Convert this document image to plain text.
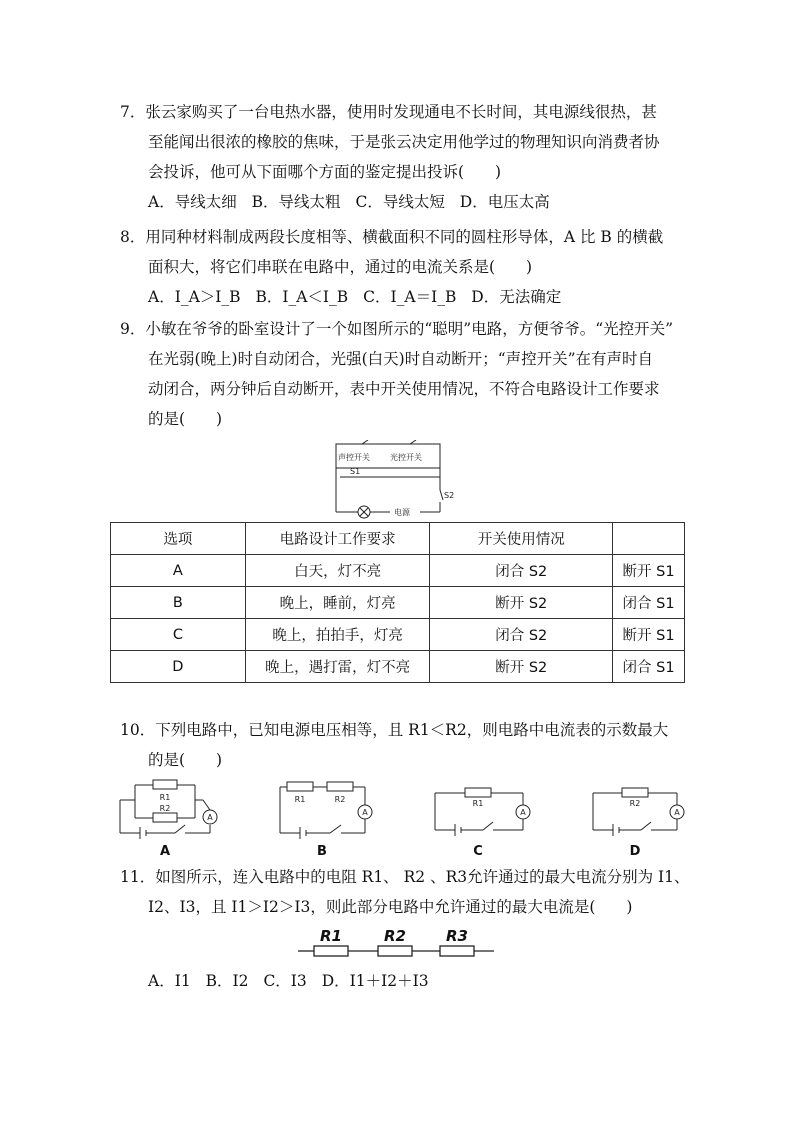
7．张云家购买了一台电热水器，使用时发现通电不长时间，其电源线很热，甚
至能闻出很浓的橡胶的焦味，于是张云决定用他学过的物理知识向消费者协
会投诉，他可从下面哪个方面的鉴定提出投诉(　　)
A．导线太细 B．导线太粗 C．导线太短 D．电压太高
8．用同种材料制成两段长度相等、横截面积不同的圆柱形导体，A 比 B 的横截
面积大，将它们串联在电路中，通过的电流关系是(　　)
A．I_A＞I_B B．I_A＜I_B C．I_A＝I_B D．无法确定
9．小敏在爷爷的卧室设计了一个如图所示的“聪明”电路，方便爷爷。“光控开关”
在光弱(晚上)时自动闭合，光强(白天)时自动断开；“声控开关”在有声时自
动闭合，两分钟后自动断开，表中开关使用情况，不符合电路设计工作要求
的是(　　)
声控开关	光控开关
S1
S2
电源
选项	电路设计工作要求	开关使用情况	
A	白天，灯不亮	闭合 S2	断开 S1
B	晚上，睡前，灯亮	断开 S2	闭合 S1
C	晚上，拍拍手，灯亮	闭合 S2	断开 S1
D	晚上，遇打雷，灯不亮	断开 S2	闭合 S1
10．下列电路中，已知电源电压相等，且 R1＜R2，则电路中电流表的示数最大
的是(　　)
R1
R2
A
R1	R2
A
R1
A
R2
A
A	B	C	D
11．如图所示，连入电路中的电阻 R1、 R2 、R3允许通过的最大电流分别为 I1、
I2、I3，且 I1＞I2＞I3，则此部分电路中允许通过的最大电流是(　　)
R1	R2	R3
A．I1 B．I2 C．I3 D．I1＋I2＋I3
